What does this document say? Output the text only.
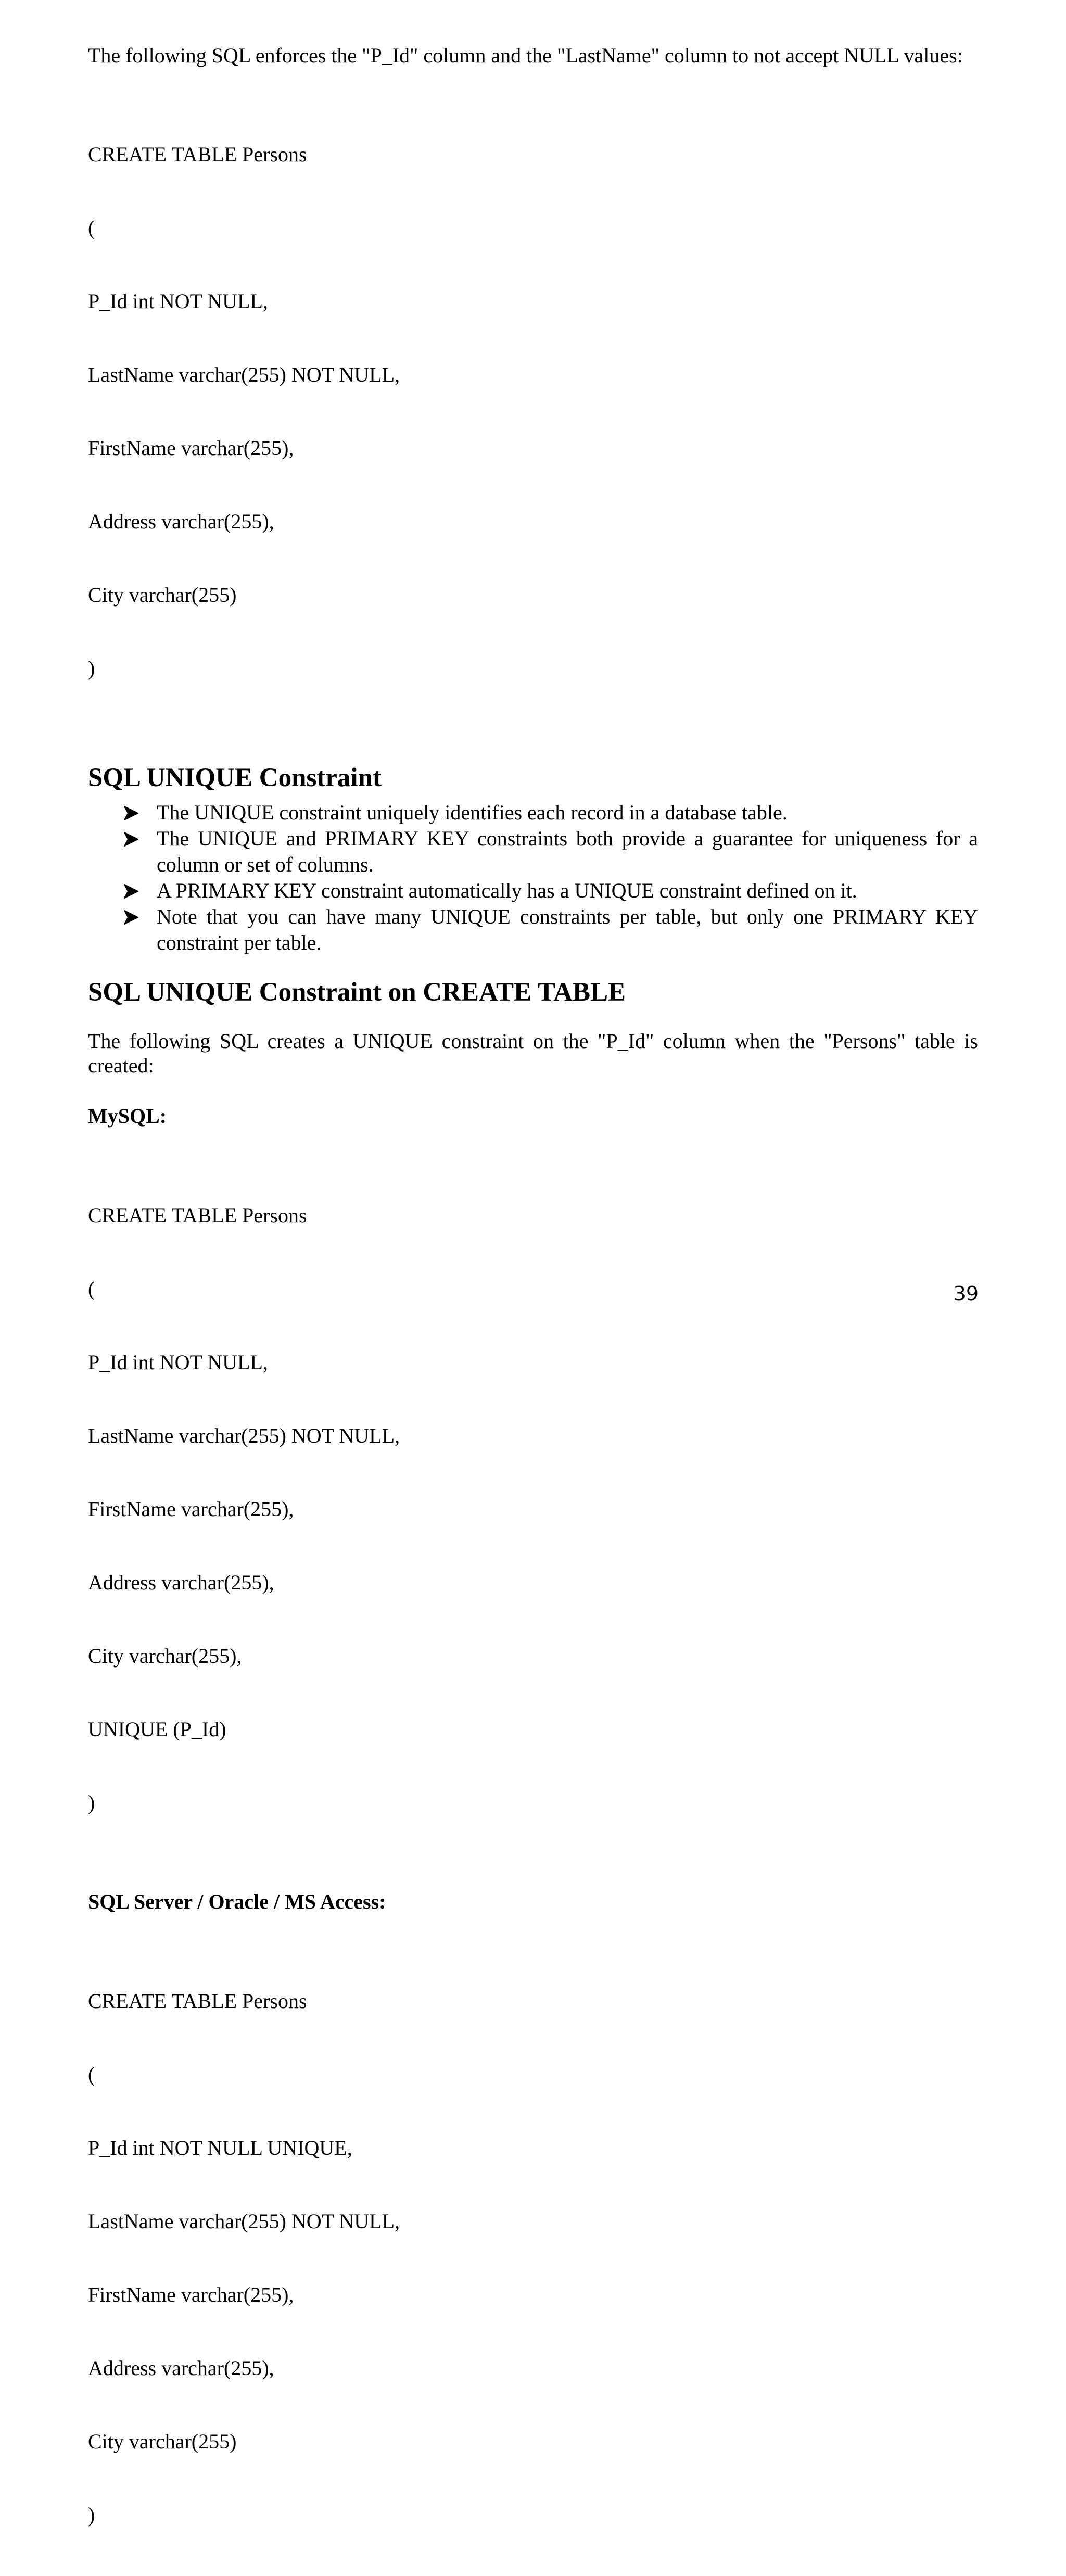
The following SQL enforces the "P_Id" column and the "LastName" column to not accept NULL values:

CREATE TABLE Persons

(

P_Id int NOT NULL,

LastName varchar(255) NOT NULL,

FirstName varchar(255),

Address varchar(255),

City varchar(255)

)

SQL UNIQUE Constraint
The UNIQUE constraint uniquely identifies each record in a database table.
The UNIQUE and PRIMARY KEY constraints both provide a guarantee for uniqueness for a column or set of columns.
A PRIMARY KEY constraint automatically has a UNIQUE constraint defined on it.
Note that you can have many UNIQUE constraints per table, but only one PRIMARY KEY constraint per table.
SQL UNIQUE Constraint on CREATE TABLE

The following SQL creates a UNIQUE constraint on the "P_Id" column when the "Persons" table is created:

MySQL:

CREATE TABLE Persons

(

P_Id int NOT NULL,

LastName varchar(255) NOT NULL,

FirstName varchar(255),

Address varchar(255),

City varchar(255),

UNIQUE (P_Id)

)

SQL Server / Oracle / MS Access:

CREATE TABLE Persons

(

P_Id int NOT NULL UNIQUE,

LastName varchar(255) NOT NULL,

FirstName varchar(255),

Address varchar(255),

City varchar(255)

)

39
